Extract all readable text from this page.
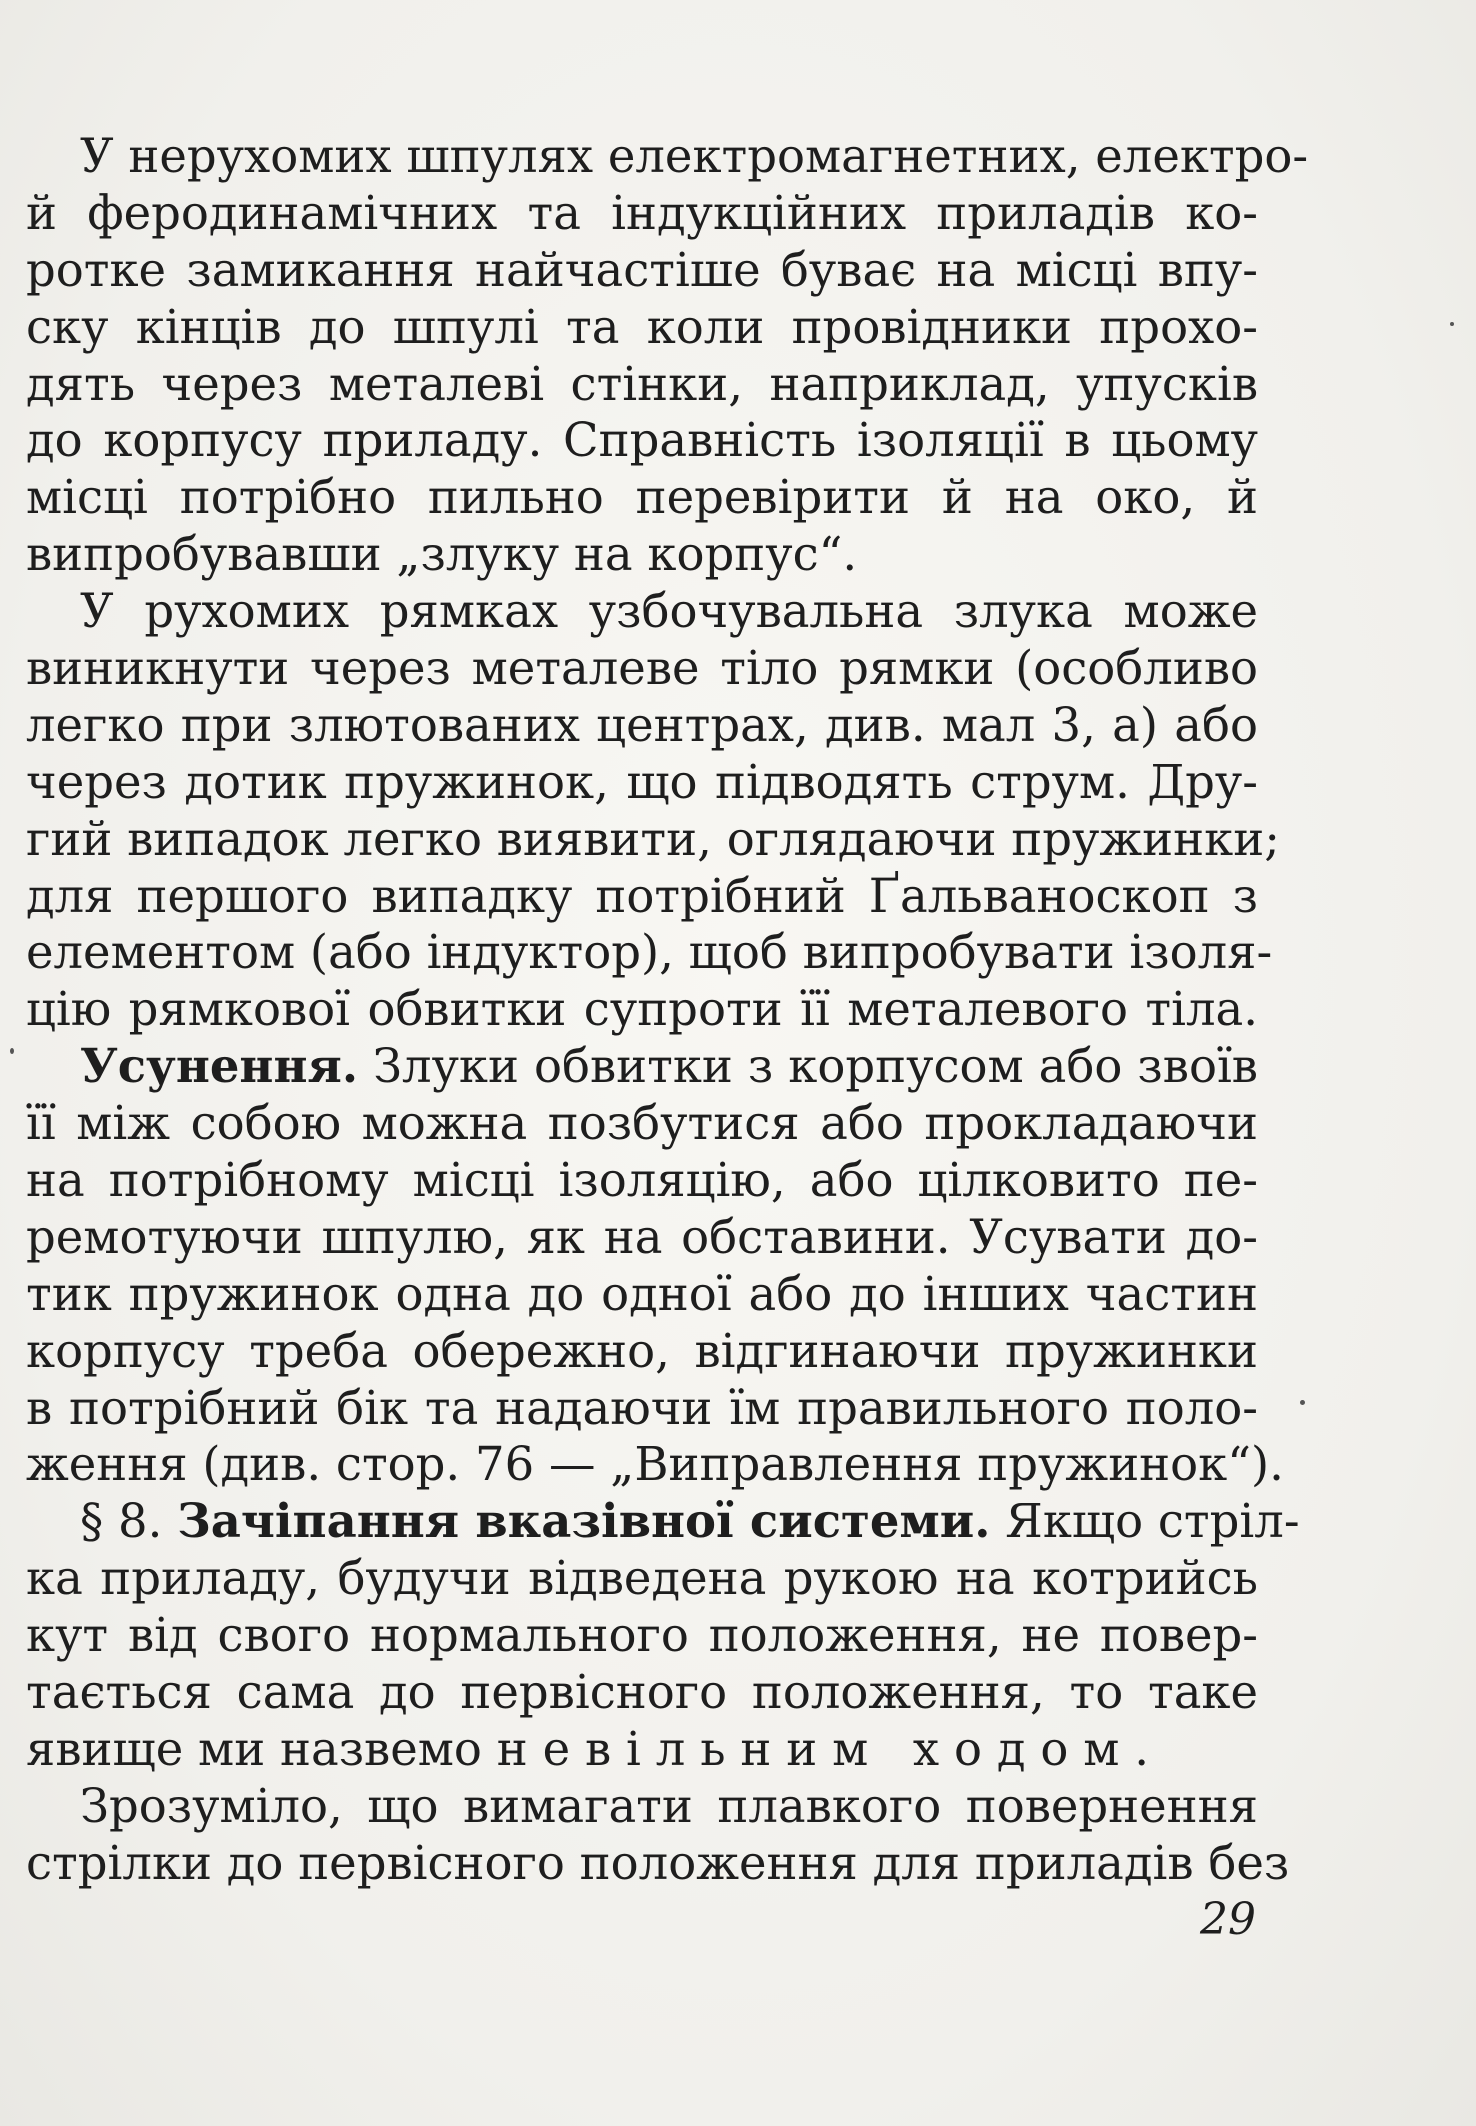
У нерухомих шпулях електромагнетних, електро-
й феродинамічних та індукційних приладів ко-
ротке замикання найчастіше буває на місці впу-
ску кінців до шпулі та коли провідники прохо-
дять через металеві стінки, наприклад, упусків
до корпусу приладу. Справність ізоляції в цьому
місці потрібно пильно перевірити й на око, й
випробувавши „злуку на корпус“.
У рухомих рямках узбочувальна злука може
виникнути через металеве тіло рямки (особливо
легко при злютованих центрах, див. мал 3, а) або
через дотик пружинок, що підводять струм. Дру-
гий випадок легко виявити, оглядаючи пружинки;
для першого випадку потрібний Ґальваноскоп з
елементом (або індуктор), щоб випробувати ізоля-
цію рямкової обвитки супроти її металевого тіла.
Усунення. Злуки обвитки з корпусом або звоїв
її між собою можна позбутися або прокладаючи
на потрібному місці ізоляцію, або цілковито пе-
ремотуючи шпулю, як на обставини. Усувати до-
тик пружинок одна до одної або до інших частин
корпусу треба обережно, відгинаючи пружинки
в потрібний бік та надаючи їм правильного поло-
ження (див. стор. 76 — „Виправлення пружинок“).
§ 8. Зачіпання вказівної системи. Якщо стріл-
ка приладу, будучи відведена рукою на котрийсь
кут від свого нормального положення, не повер-
тається сама до первісного положення, то таке
явище ми назвемо невільним ходом.
Зрозуміло, що вимагати плавкого повернення
стрілки до первісного положення для приладів без
29
